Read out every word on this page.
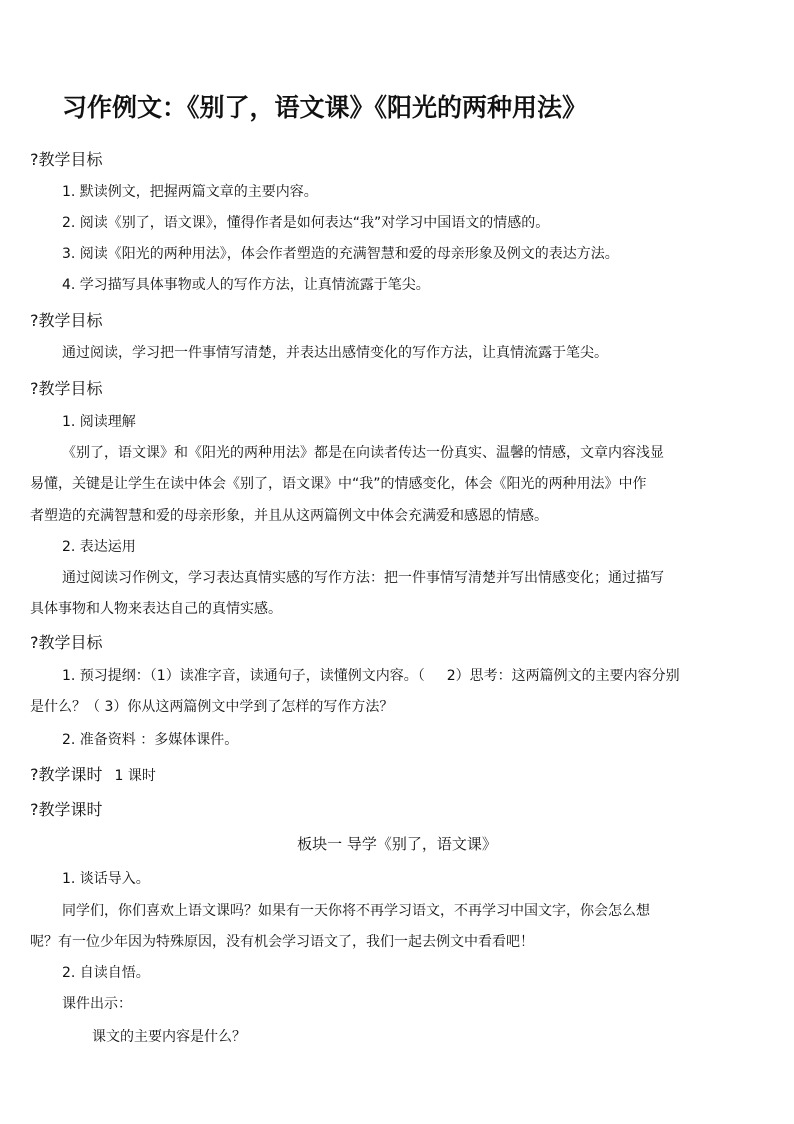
习作例文：《别了，语文课》《阳光的两种用法》
?教学目标
1. 默读例文，把握两篇文章的主要内容。
2. 阅读《别了，语文课》，懂得作者是如何表达“我”对学习中国语文的情感的。
3. 阅读《阳光的两种用法》，体会作者塑造的充满智慧和爱的母亲形象及例文的表达方法。
4. 学习描写具体事物或人的写作方法，让真情流露于笔尖。
?教学目标
通过阅读，学习把一件事情写清楚，并表达出感情变化的写作方法，让真情流露于笔尖。
?教学目标
1. 阅读理解
《别了，语文课》和《阳光的两种用法》都是在向读者传达一份真实、温馨的情感，文章内容浅显
易懂，关键是让学生在读中体会《别了，语文课》中“我”的情感变化，体会《阳光的两种用法》中作
者塑造的充满智慧和爱的母亲形象，并且从这两篇例文中体会充满爱和感恩的情感。
2. 表达运用
通过阅读习作例文，学习表达真情实感的写作方法：把一件事情写清楚并写出情感变化；通过描写
具体事物和人物来表达自己的真情实感。
?教学目标
1. 预习提纲：（1）读准字音，读通句子，读懂例文内容。（ 2）思考：这两篇例文的主要内容分别
是什么？（ 3）你从这两篇例文中学到了怎样的写作方法？
2. 准备资料 ：多媒体课件。
?教学课时 1 课时
?教学课时
板块一 导学《别了，语文课》
1. 谈话导入。
同学们，你们喜欢上语文课吗？如果有一天你将不再学习语文，不再学习中国文字，你会怎么想
呢？有一位少年因为特殊原因，没有机会学习语文了，我们一起去例文中看看吧！
2. 自读自悟。
课件出示：
课文的主要内容是什么？
